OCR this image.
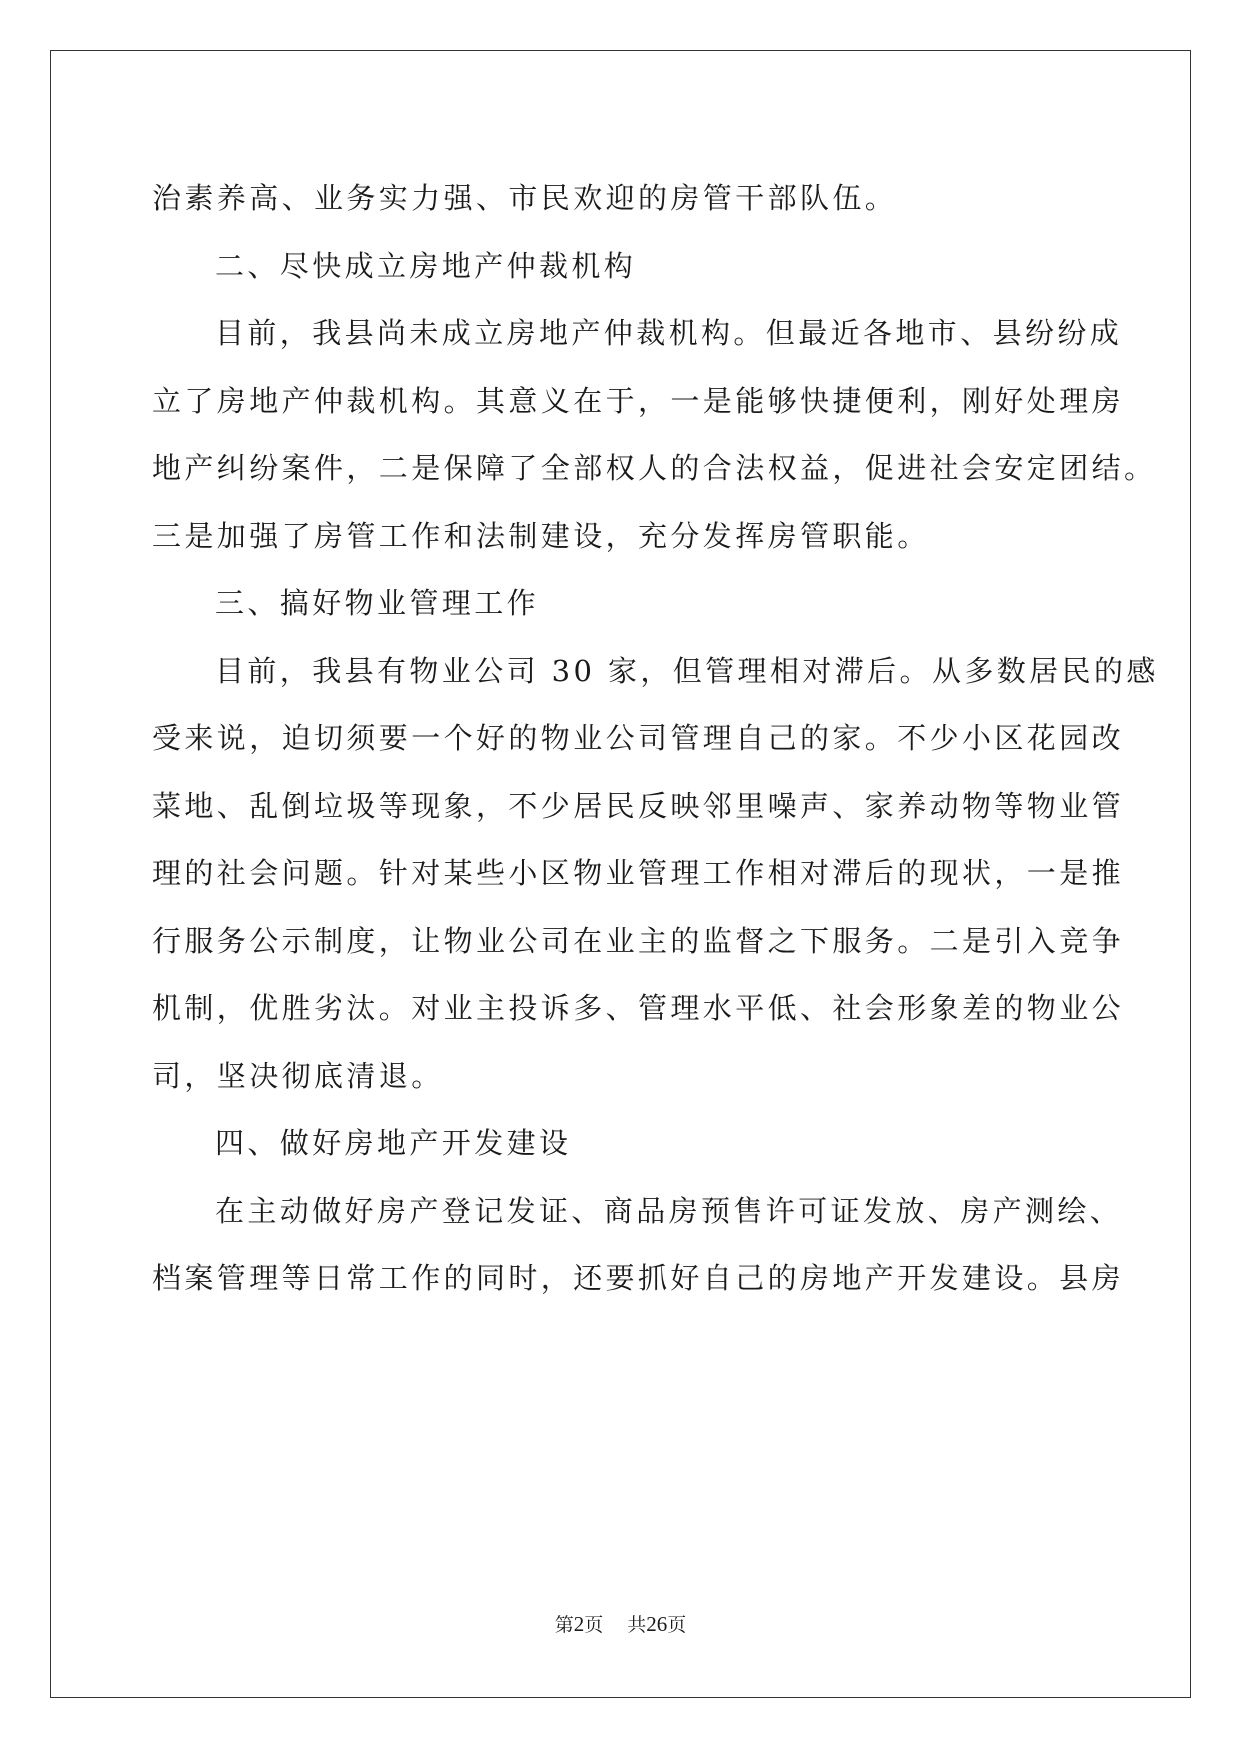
治素养高、业务实力强、市民欢迎的房管干部队伍。
二、尽快成立房地产仲裁机构
目前，我县尚未成立房地产仲裁机构。但最近各地市、县纷纷成
立了房地产仲裁机构。其意义在于，一是能够快捷便利，刚好处理房
地产纠纷案件，二是保障了全部权人的合法权益，促进社会安定团结。
三是加强了房管工作和法制建设，充分发挥房管职能。
三、搞好物业管理工作
目前，我县有物业公司 30 家，但管理相对滞后。从多数居民的感
受来说，迫切须要一个好的物业公司管理自己的家。不少小区花园改
菜地、乱倒垃圾等现象，不少居民反映邻里噪声、家养动物等物业管
理的社会问题。针对某些小区物业管理工作相对滞后的现状，一是推
行服务公示制度，让物业公司在业主的监督之下服务。二是引入竞争
机制，优胜劣汰。对业主投诉多、管理水平低、社会形象差的物业公
司，坚决彻底清退。
四、做好房地产开发建设
在主动做好房产登记发证、商品房预售许可证发放、房产测绘、
档案管理等日常工作的同时，还要抓好自己的房地产开发建设。县房
第2页 共26页
